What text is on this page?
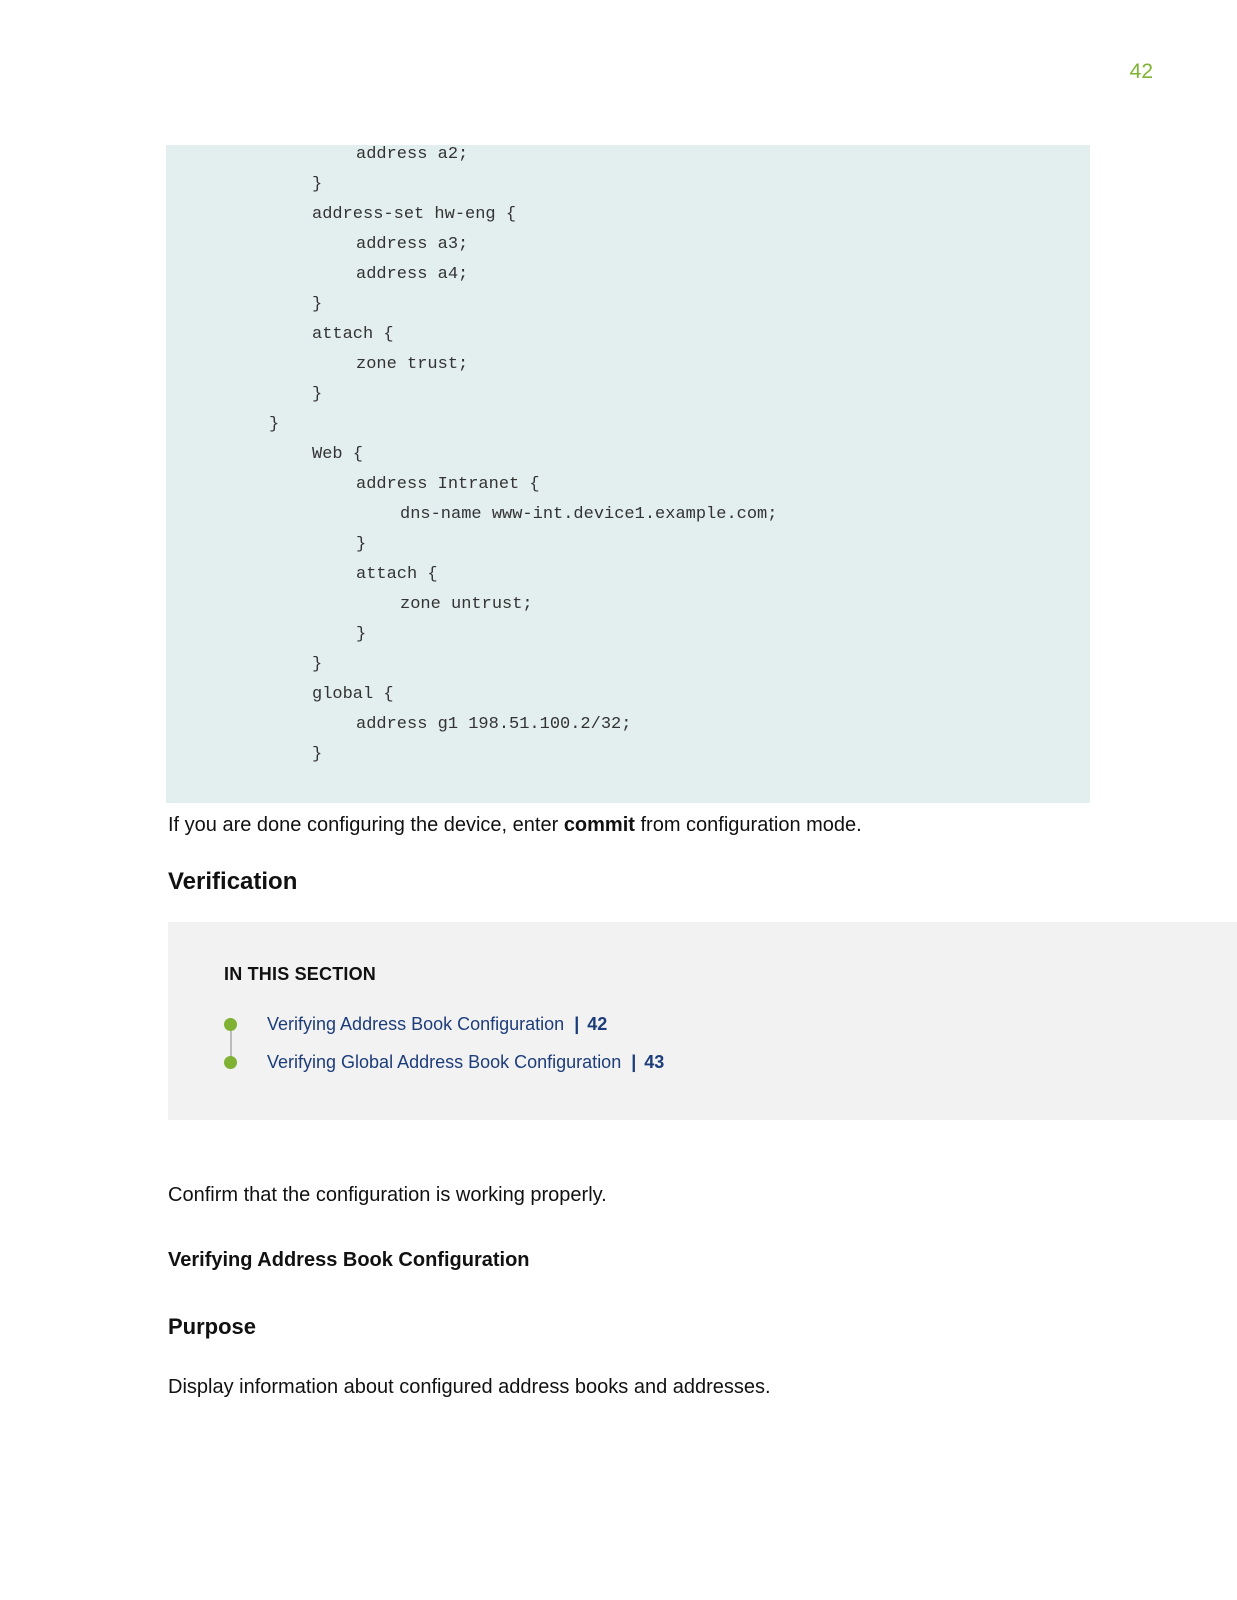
42
address a2;
}
address-set hw-eng {
address a3;
address a4;
}
attach {
zone trust;
}
}
Web {
address Intranet {
dns-name www-int.device1.example.com;
}
attach {
zone untrust;
}
}
global {
address g1 198.51.100.2/32;
}
If you are done configuring the device, enter commit from configuration mode.
Verification
IN THIS SECTION
Verifying Address Book Configuration | 42
Verifying Global Address Book Configuration | 43
Confirm that the configuration is working properly.
Verifying Address Book Configuration
Purpose
Display information about configured address books and addresses.
